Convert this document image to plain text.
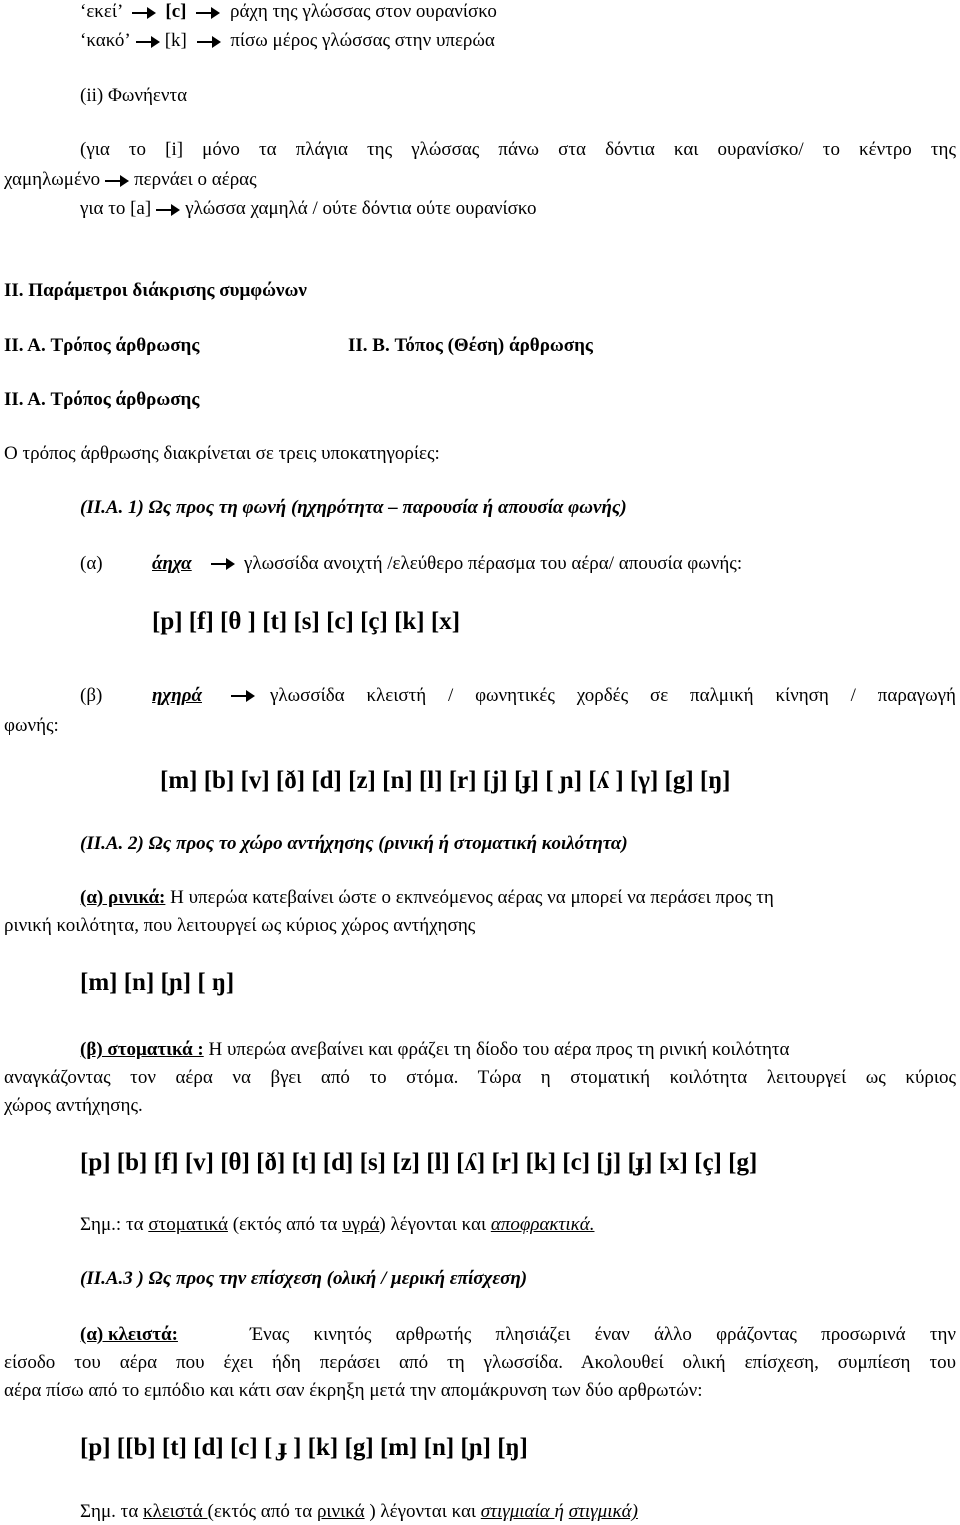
‘εκεί’ [c] ράχη της γλώσσας στον ουρανίσκο
‘κακό’ [k] πίσω μέρος γλώσσας στην υπερώα
(ii) Φωνήεντα
(για το [i] μόνο τα πλάγια της γλώσσας πάνω στα δόντια και ουρανίσκο/ το κέντρο της
χαμηλωμένο περνάει ο αέρας
για το [a] γλώσσα χαμηλά / ούτε δόντια ούτε ουρανίσκο
II. Παράμετροι διάκρισης συμφώνων
II. A. Τρόπος άρθρωσης	II. B. Τόπος (Θέση) άρθρωσης
II. A. Τρόπος άρθρωσης
Ο τρόπος άρθρωσης διακρίνεται σε τρεις υποκατηγορίες:
(II.A. 1) Ως προς τη φωνή (ηχηρότητα – παρουσία ή απουσία φωνής)
(α)	άηχα	γλωσσίδα ανοιχτή /ελεύθερο πέρασμα του αέρα/ απουσία φωνής:
[p] [f] [θ ] [t] [s] [c] [ç] [k] [x]
(β)	ηχηρά	γλωσσίδα κλειστή / φωνητικές χορδές σε παλμική κίνηση / παραγωγή
φωνής:
[m] [b] [v] [ð] [d] [z] [n] [l] [r] [j] [ɟ] [ ɲ] [ʎ ] [γ] [g] [ŋ]
(II.A. 2) Ως προς το χώρο αντήχησης (ρινική ή στοματική κοιλότητα)
(α) ρινικά: Η υπερώα κατεβαίνει ώστε ο εκπνεόμενος αέρας να μπορεί να περάσει προς τη
ρινική κοιλότητα, που λειτουργεί ως κύριος χώρος αντήχησης
[m] [n] [ɲ] [ ŋ]
(β) στοματικά : Η υπερώα ανεβαίνει και φράζει τη δίοδο του αέρα προς τη ρινική κοιλότητα
αναγκάζοντας τον αέρα να βγει από το στόμα. Τώρα η στοματική κοιλότητα λειτουργεί ως κύριος
χώρος αντήχησης.
[p] [b] [f] [v] [θ] [ð] [t] [d] [s] [z] [l] [ʎ] [r] [k] [c] [j] [ɟ] [x] [ç] [g]
Σημ.: τα στοματικά (εκτός από τα υγρά) λέγονται και αποφρακτικά.
(II.A.3 ) Ως προς την επίσχεση (ολική / μερική επίσχεση)
(α) κλειστά:	Ένας κινητός αρθρωτής πλησιάζει έναν άλλο φράζοντας προσωρινά την
είσοδο του αέρα που έχει ήδη περάσει από τη γλωσσίδα. Ακολουθεί ολική επίσχεση, συμπίεση του
αέρα πίσω από το εμπόδιο και κάτι σαν έκρηξη μετά την απομάκρυνση των δύο αρθρωτών:
[p] [[b] [t] [d] [c] [ ɟ ] [k] [g] [m] [n] [ɲ] [ŋ]
Σημ. τα κλειστά (εκτός από τα ρινικά ) λέγονται και στιγμιαία ή στιγμικά)
